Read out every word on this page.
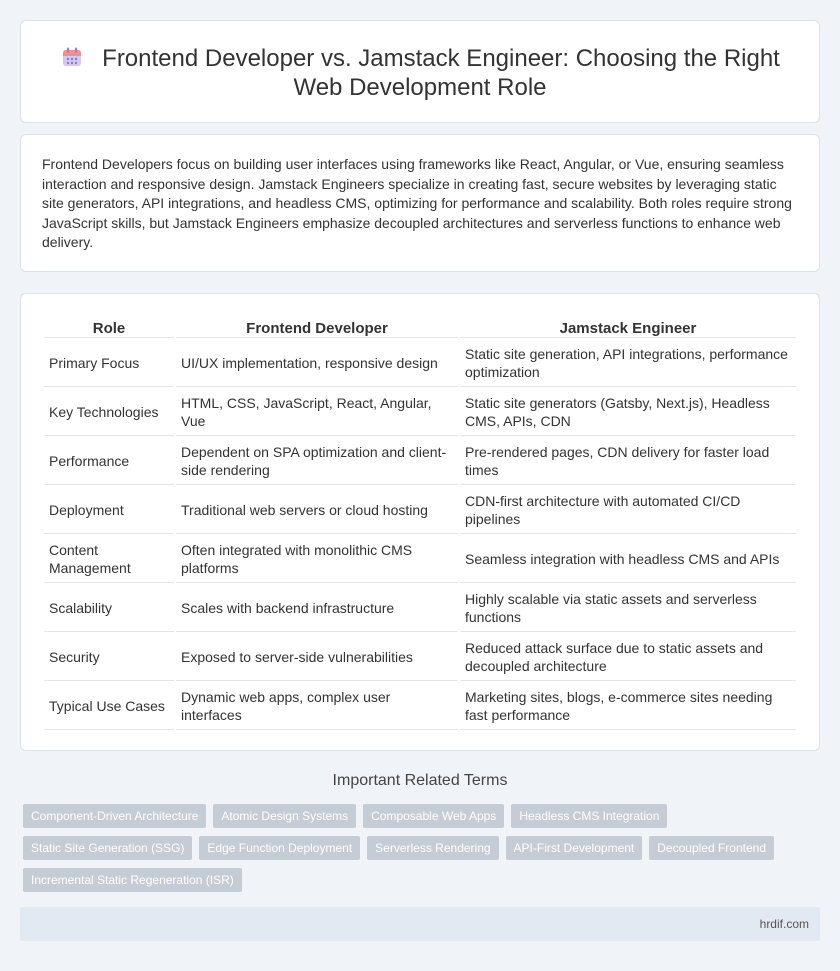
Frontend Developer vs. Jamstack Engineer: Choosing the Right
Web Development Role

Frontend Developers focus on building user interfaces using frameworks like React, Angular, or Vue, ensuring seamless interaction and responsive design. Jamstack Engineers specialize in creating fast, secure websites by leveraging static site generators, API integrations, and headless CMS, optimizing for performance and scalability. Both roles require strong JavaScript skills, but Jamstack Engineers emphasize decoupled architectures and serverless functions to enhance web delivery.

Role	Frontend Developer	Jamstack Engineer
Primary Focus	UI/UX implementation, responsive design	Static site generation, API integrations, performance optimization
Key Technologies	HTML, CSS, JavaScript, React, Angular, Vue	Static site generators (Gatsby, Next.js), Headless CMS, APIs, CDN
Performance	Dependent on SPA optimization and client-side rendering	Pre-rendered pages, CDN delivery for faster load times
Deployment	Traditional web servers or cloud hosting	CDN-first architecture with automated CI/CD pipelines
Content Management	Often integrated with monolithic CMS platforms	Seamless integration with headless CMS and APIs
Scalability	Scales with backend infrastructure	Highly scalable via static assets and serverless functions
Security	Exposed to server-side vulnerabilities	Reduced attack surface due to static assets and decoupled architecture
Typical Use Cases	Dynamic web apps, complex user interfaces	Marketing sites, blogs, e-commerce sites needing fast performance
Important Related Terms
Component-Driven Architecture	Atomic Design Systems	Composable Web Apps	Headless CMS Integration
Static Site Generation (SSG)	Edge Function Deployment	Serverless Rendering	API-First Development	Decoupled Frontend
Incremental Static Regeneration (ISR)
hrdif.com
